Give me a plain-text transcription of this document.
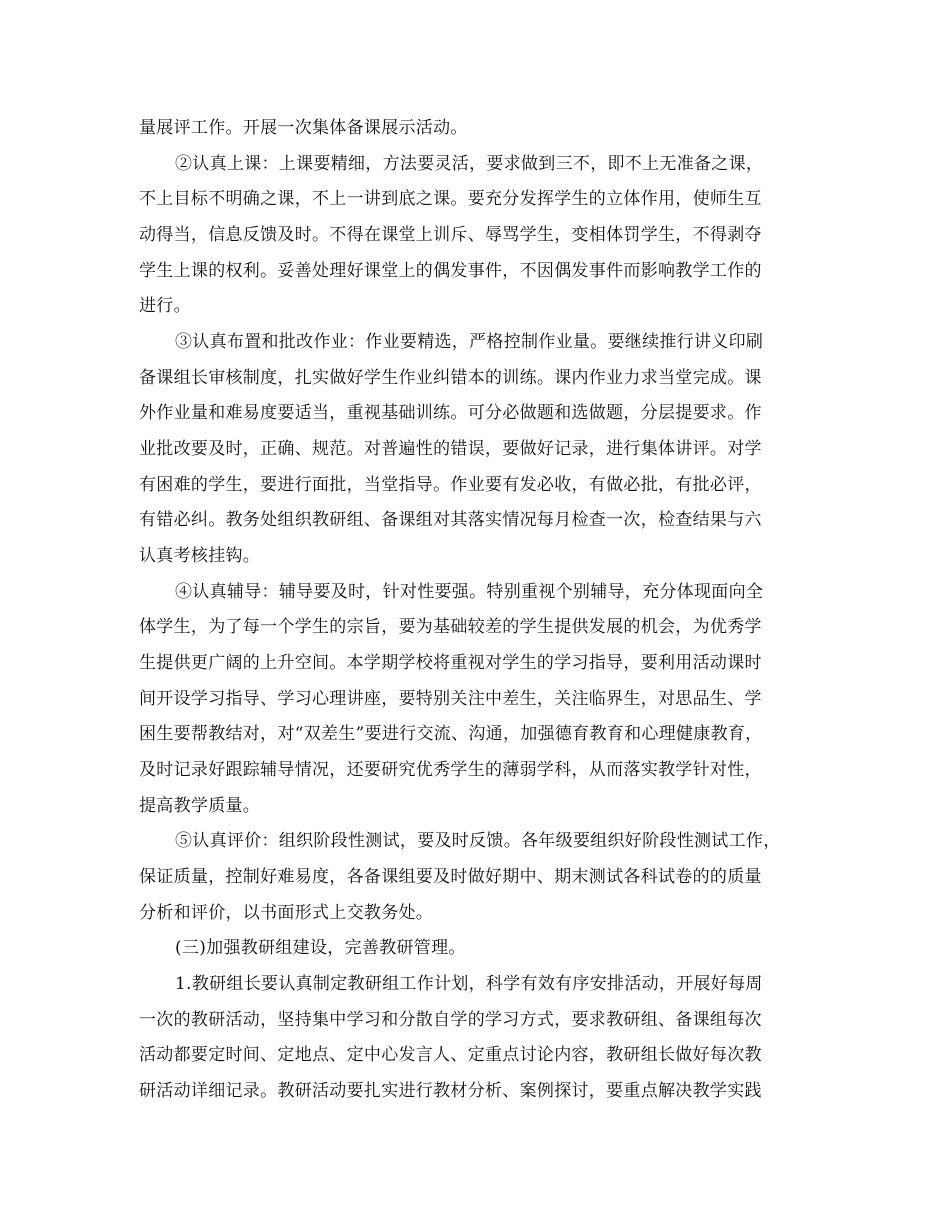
量展评工作。开展一次集体备课展示活动。

②认真上课：上课要精细，方法要灵活，要求做到三不，即不上无准备之课，

不上目标不明确之课，不上一讲到底之课。要充分发挥学生的立体作用，使师生互

动得当，信息反馈及时。不得在课堂上训斥、辱骂学生，变相体罚学生，不得剥夺

学生上课的权利。妥善处理好课堂上的偶发事件，不因偶发事件而影响教学工作的

进行。

③认真布置和批改作业：作业要精选，严格控制作业量。要继续推行讲义印刷

备课组长审核制度，扎实做好学生作业纠错本的训练。课内作业力求当堂完成。课

外作业量和难易度要适当，重视基础训练。可分必做题和选做题，分层提要求。作

业批改要及时，正确、规范。对普遍性的错误，要做好记录，进行集体讲评。对学

有困难的学生，要进行面批，当堂指导。作业要有发必收，有做必批，有批必评，

有错必纠。教务处组织教研组、备课组对其落实情况每月检查一次，检查结果与六

认真考核挂钩。

④认真辅导：辅导要及时，针对性要强。特别重视个别辅导，充分体现面向全

体学生，为了每一个学生的宗旨，要为基础较差的学生提供发展的机会，为优秀学

生提供更广阔的上升空间。本学期学校将重视对学生的学习指导，要利用活动课时

间开设学习指导、学习心理讲座，要特别关注中差生，关注临界生，对思品生、学

困生要帮教结对，对“双差生”要进行交流、沟通，加强德育教育和心理健康教育，

及时记录好跟踪辅导情况，还要研究优秀学生的薄弱学科，从而落实教学针对性，

提高教学质量。

⑤认真评价：组织阶段性测试，要及时反馈。各年级要组织好阶段性测试工作，

保证质量，控制好难易度，各备课组要及时做好期中、期末测试各科试卷的的质量

分析和评价，以书面形式上交教务处。

(三)加强教研组建设，完善教研管理。

1.教研组长要认真制定教研组工作计划，科学有效有序安排活动，开展好每周

一次的教研活动，坚持集中学习和分散自学的学习方式，要求教研组、备课组每次

活动都要定时间、定地点、定中心发言人、定重点讨论内容，教研组长做好每次教

研活动详细记录。教研活动要扎实进行教材分析、案例探讨，要重点解决教学实践
